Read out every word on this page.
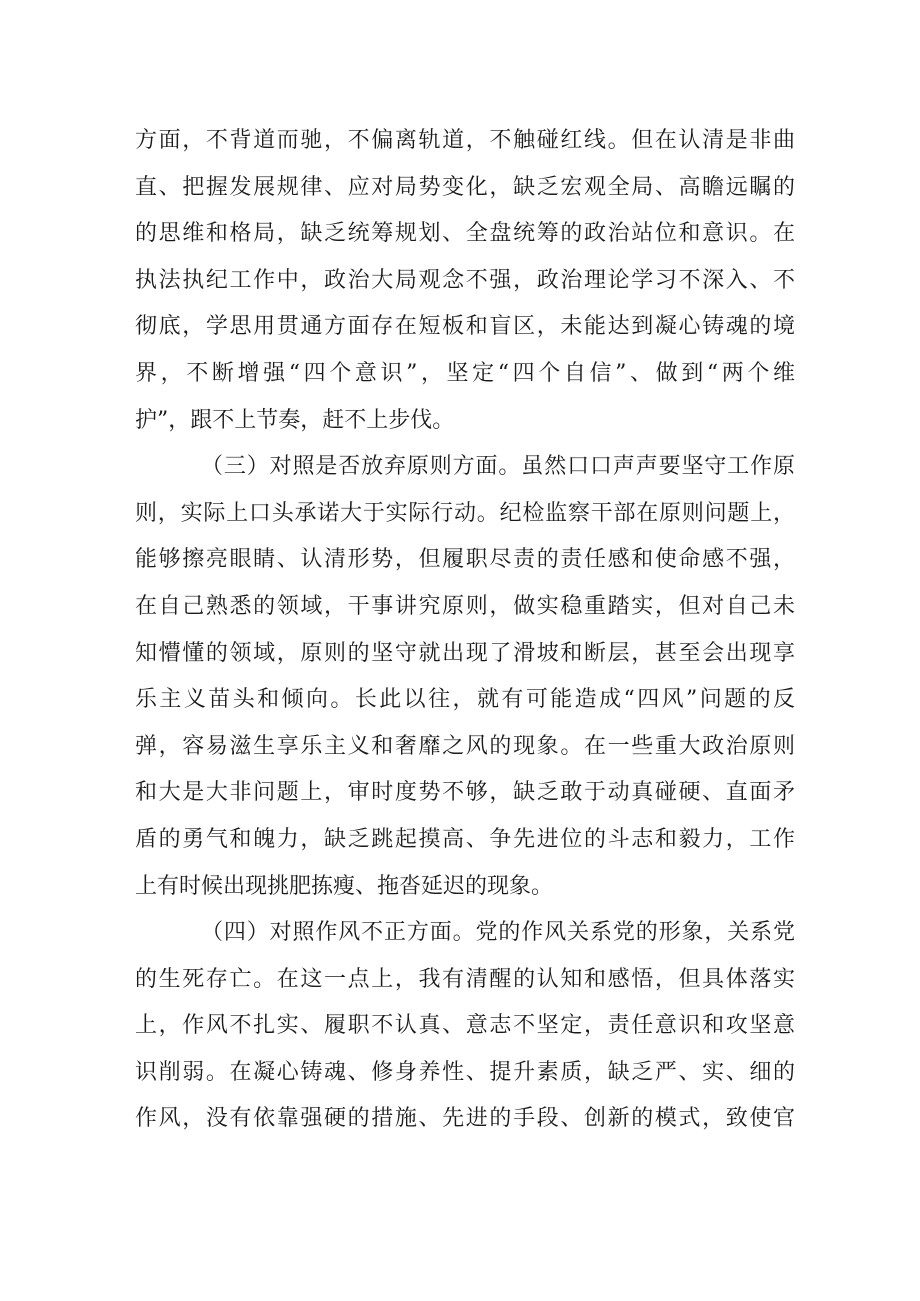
方面，不背道而驰，不偏离轨道，不触碰红线。但在认清是非曲
直、把握发展规律、应对局势变化，缺乏宏观全局、高瞻远瞩的
的思维和格局，缺乏统筹规划、全盘统筹的政治站位和意识。在
执法执纪工作中，政治大局观念不强，政治理论学习不深入、不
彻底，学思用贯通方面存在短板和盲区，未能达到凝心铸魂的境
界，不断增强“四个意识”，坚定“四个自信”、做到“两个维
护”，跟不上节奏，赶不上步伐。
（三）对照是否放弃原则方面。虽然口口声声要坚守工作原
则，实际上口头承诺大于实际行动。纪检监察干部在原则问题上，
能够擦亮眼睛、认清形势，但履职尽责的责任感和使命感不强，
在自己熟悉的领域，干事讲究原则，做实稳重踏实，但对自己未
知懵懂的领域，原则的坚守就出现了滑坡和断层，甚至会出现享
乐主义苗头和倾向。长此以往，就有可能造成“四风”问题的反
弹，容易滋生享乐主义和奢靡之风的现象。在一些重大政治原则
和大是大非问题上，审时度势不够，缺乏敢于动真碰硬、直面矛
盾的勇气和魄力，缺乏跳起摸高、争先进位的斗志和毅力，工作
上有时候出现挑肥拣瘦、拖沓延迟的现象。
（四）对照作风不正方面。党的作风关系党的形象，关系党
的生死存亡。在这一点上，我有清醒的认知和感悟，但具体落实
上，作风不扎实、履职不认真、意志不坚定，责任意识和攻坚意
识削弱。在凝心铸魂、修身养性、提升素质，缺乏严、实、细的
作风，没有依靠强硬的措施、先进的手段、创新的模式，致使官
